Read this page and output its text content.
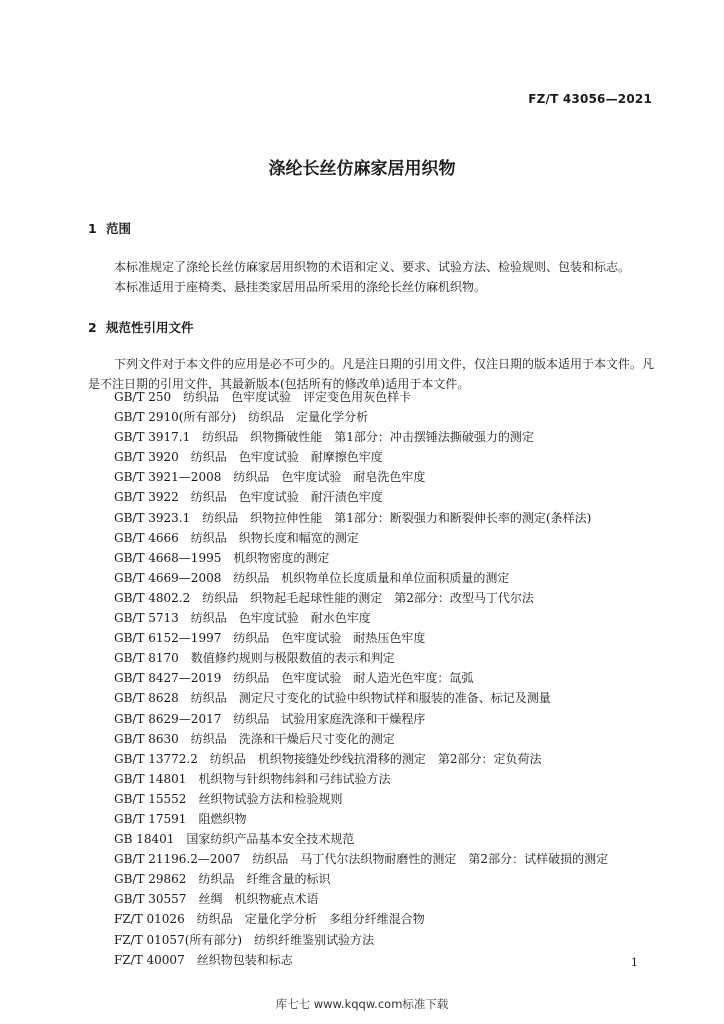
FZ/T 43056—2021
涤纶长丝仿麻家居用织物
1 范围

本标准规定了涤纶长丝仿麻家居用织物的术语和定义、要求、试验方法、检验规则、包装和标志。

本标准适用于座椅类、悬挂类家居用品所采用的涤纶长丝仿麻机织物。

2 规范性引用文件

下列文件对于本文件的应用是必不可少的。凡是注日期的引用文件，仅注日期的版本适用于本文件。凡是不注日期的引用文件，其最新版本(包括所有的修改单)适用于本文件。

GB/T 250　纺织品　色牢度试验　评定变色用灰色样卡
GB/T 2910(所有部分)　纺织品　定量化学分析
GB/T 3917.1　纺织品　织物撕破性能　第1部分：冲击摆锤法撕破强力的测定
GB/T 3920　纺织品　色牢度试验　耐摩擦色牢度
GB/T 3921—2008　纺织品　色牢度试验　耐皂洗色牢度
GB/T 3922　纺织品　色牢度试验　耐汗渍色牢度
GB/T 3923.1　纺织品　织物拉伸性能　第1部分：断裂强力和断裂伸长率的测定(条样法)
GB/T 4666　纺织品　织物长度和幅宽的测定
GB/T 4668—1995　机织物密度的测定
GB/T 4669—2008　纺织品　机织物单位长度质量和单位面积质量的测定
GB/T 4802.2　纺织品　织物起毛起球性能的测定　第2部分：改型马丁代尔法
GB/T 5713　纺织品　色牢度试验　耐水色牢度
GB/T 6152—1997　纺织品　色牢度试验　耐热压色牢度
GB/T 8170　数值修约规则与极限数值的表示和判定
GB/T 8427—2019　纺织品　色牢度试验　耐人造光色牢度：氙弧
GB/T 8628　纺织品　测定尺寸变化的试验中织物试样和服装的准备、标记及测量
GB/T 8629—2017　纺织品　试验用家庭洗涤和干燥程序
GB/T 8630　纺织品　洗涤和干燥后尺寸变化的测定
GB/T 13772.2　纺织品　机织物接缝处纱线抗滑移的测定　第2部分：定负荷法
GB/T 14801　机织物与针织物纬斜和弓纬试验方法
GB/T 15552　丝织物试验方法和检验规则
GB/T 17591　阻燃织物
GB 18401　国家纺织产品基本安全技术规范
GB/T 21196.2—2007　纺织品　马丁代尔法织物耐磨性的测定　第2部分：试样破损的测定
GB/T 29862　纺织品　纤维含量的标识
GB/T 30557　丝绸　机织物疵点术语
FZ/T 01026　纺织品　定量化学分析　多组分纤维混合物
FZ/T 01057(所有部分)　纺织纤维鉴别试验方法
FZ/T 40007　丝织物包装和标志	1
库七七 www.kqqw.com标准下载
